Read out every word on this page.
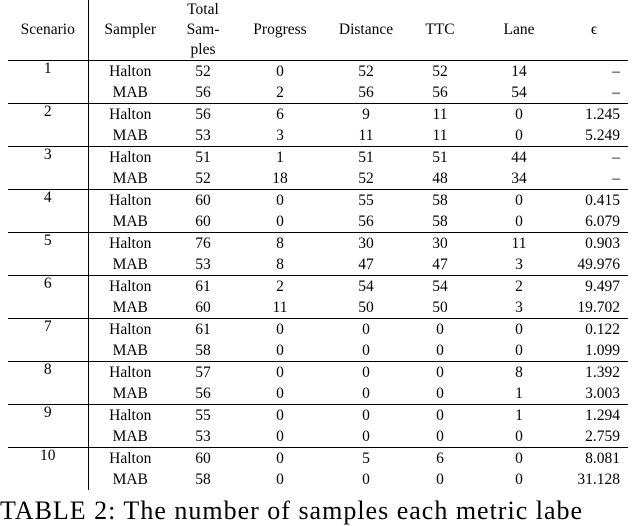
Scenario	Sampler	Total Sam-ples	Progress	Distance	TTC	Lane	ϵ
1	Halton	52	0	52	52	14	–
	MAB	56	2	56	56	54	–
2	Halton	56	6	9	11	0	1.245
	MAB	53	3	11	11	0	5.249
3	Halton	51	1	51	51	44	–
	MAB	52	18	52	48	34	–
4	Halton	60	0	55	58	0	0.415
	MAB	60	0	56	58	0	6.079
5	Halton	76	8	30	30	11	0.903
	MAB	53	8	47	47	3	49.976
6	Halton	61	2	54	54	2	9.497
	MAB	60	11	50	50	3	19.702
7	Halton	61	0	0	0	0	0.122
	MAB	58	0	0	0	0	1.099
8	Halton	57	0	0	0	8	1.392
	MAB	56	0	0	0	1	3.003
9	Halton	55	0	0	0	1	1.294
	MAB	53	0	0	0	0	2.759
10	Halton	60	0	5	6	0	8.081
	MAB	58	0	0	0	0	31.128
TABLE 2: The number of samples each metric labe
